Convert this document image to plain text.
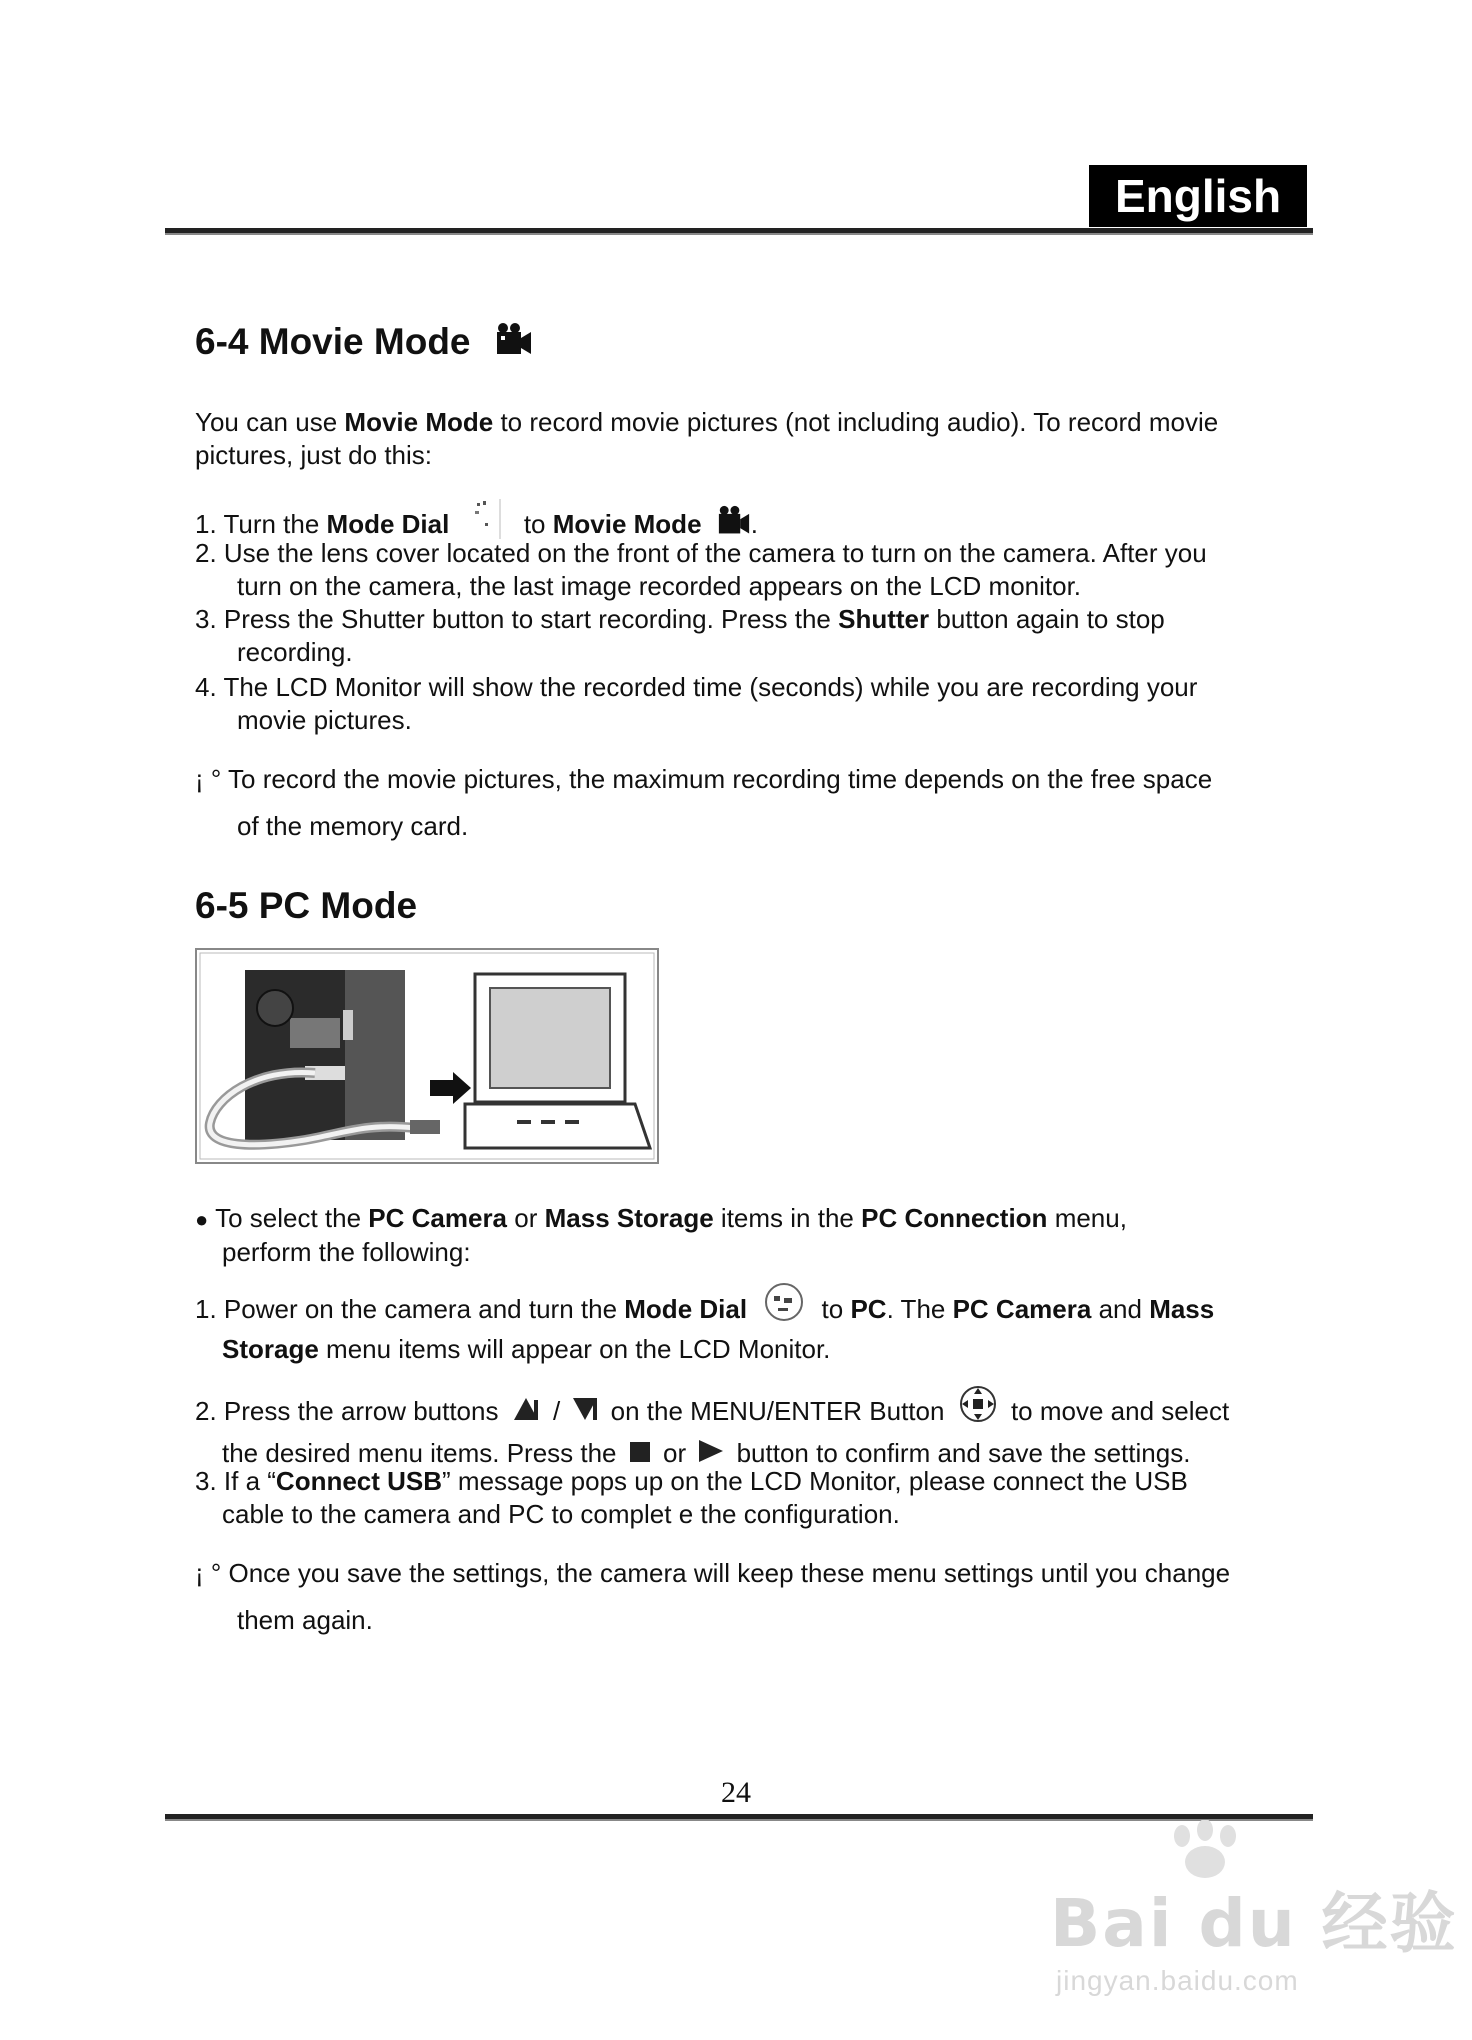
English
6-4 Movie Mode
You can use Movie Mode to record movie pictures (not including audio). To record movie
pictures, just do this:
1. Turn the Mode Dial	to Movie Mode .
2. Use the lens cover located on the front of the camera to turn on the camera. After you
turn on the camera, the last image recorded appears on the LCD monitor.
3. Press the Shutter button to start recording. Press the Shutter button again to stop
recording.
4. The LCD Monitor will show the recorded time (seconds) while you are recording your
movie pictures.
¡ ° To record the movie pictures, the maximum recording time depends on the free space
of the memory card.
6-5 PC Mode
● To select the PC Camera or Mass Storage items in the PC Connection menu,
perform the following:
1. Power on the camera and turn the Mode Dial	to PC. The PC Camera and Mass
Storage menu items will appear on the LCD Monitor.
2. Press the arrow buttons / on the MENU/ENTER Button	to move and select
the desired menu items. Press the or button to confirm and save the settings.
3. If a “Connect USB” message pops up on the LCD Monitor, please connect the USB
cable to the camera and PC to complet e the configuration.
¡ ° Once you save the settings, the camera will keep these menu settings until you change
them again.
24
Bai du 经验
jingyan.baidu.com
